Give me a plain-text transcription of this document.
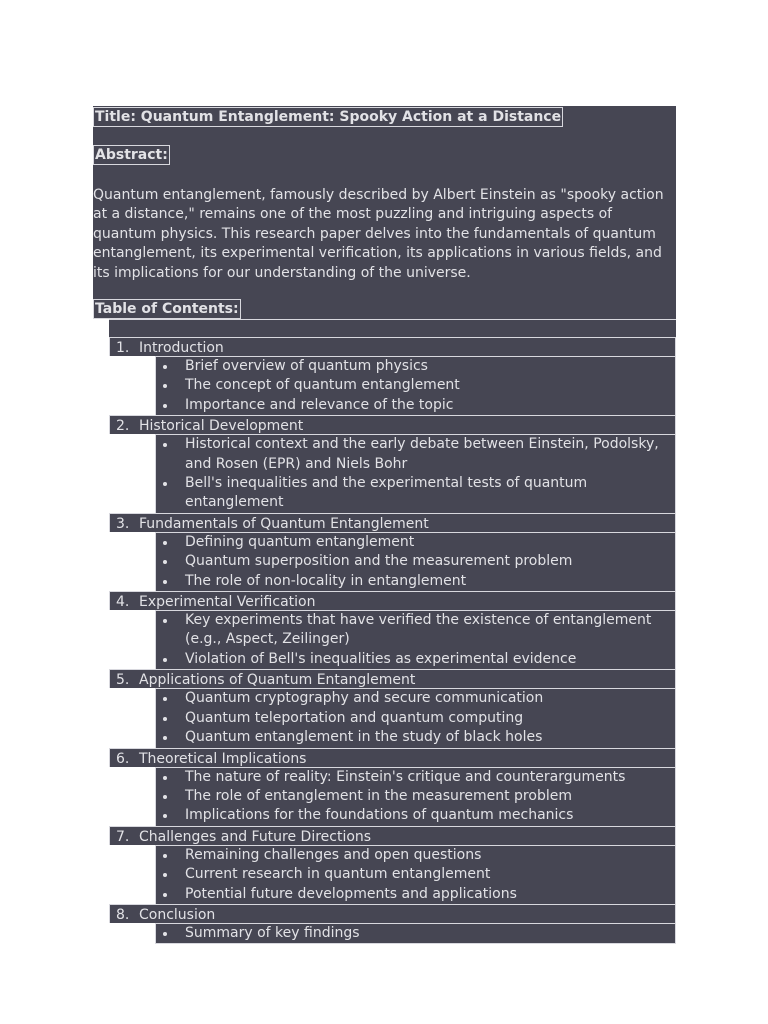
Title: Quantum Entanglement: Spooky Action at a Distance
Abstract:
Quantum entanglement, famously described by Albert Einstein as "spooky action at a distance," remains one of the most puzzling and intriguing aspects of quantum physics. This research paper delves into the fundamentals of quantum entanglement, its experimental verification, its applications in various fields, and its implications for our understanding of the universe.
Table of Contents:
1. Introduction
Brief overview of quantum physics
The concept of quantum entanglement
Importance and relevance of the topic
2. Historical Development
Historical context and the early debate between Einstein, Podolsky, and Rosen (EPR) and Niels Bohr
Bell's inequalities and the experimental tests of quantum entanglement
3. Fundamentals of Quantum Entanglement
Defining quantum entanglement
Quantum superposition and the measurement problem
The role of non-locality in entanglement
4. Experimental Verification
Key experiments that have verified the existence of entanglement (e.g., Aspect, Zeilinger)
Violation of Bell's inequalities as experimental evidence
5. Applications of Quantum Entanglement
Quantum cryptography and secure communication
Quantum teleportation and quantum computing
Quantum entanglement in the study of black holes
6. Theoretical Implications
The nature of reality: Einstein's critique and counterarguments
The role of entanglement in the measurement problem
Implications for the foundations of quantum mechanics
7. Challenges and Future Directions
Remaining challenges and open questions
Current research in quantum entanglement
Potential future developments and applications
8. Conclusion
Summary of key findings
